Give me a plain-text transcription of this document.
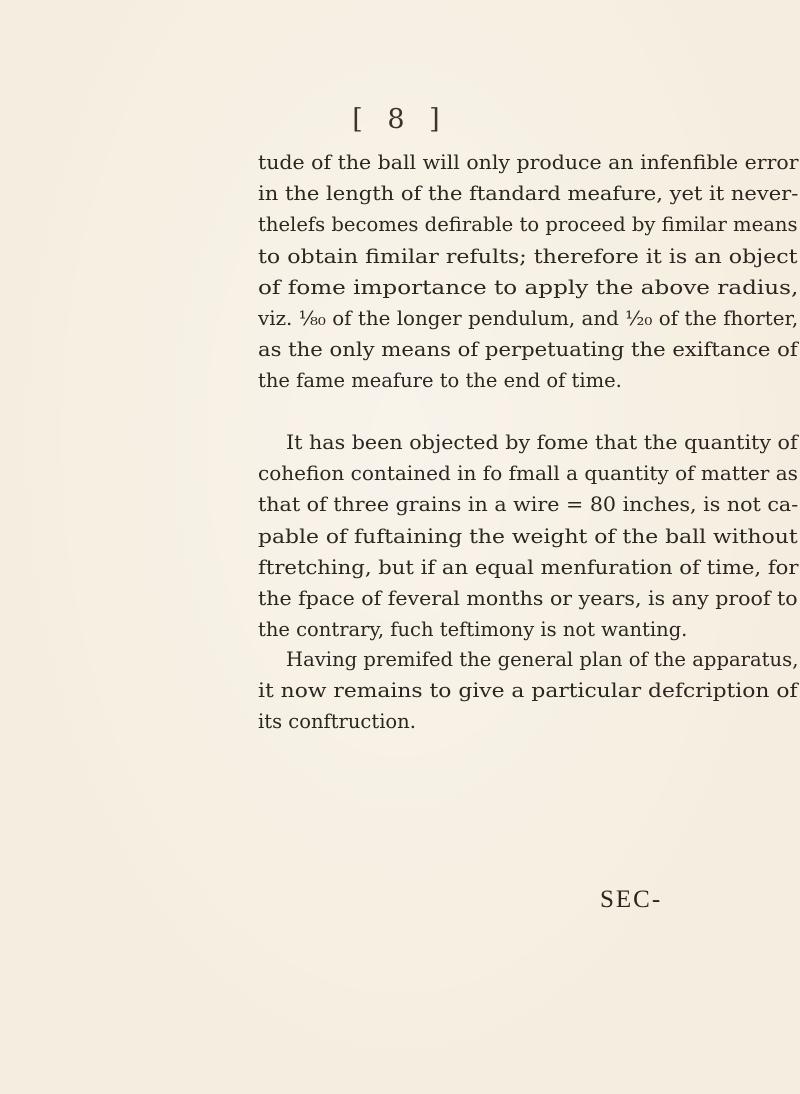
[ 8 ]
tude of the ball will only produce an infenfible error
in the length of the ftandard meafure, yet it never-
thelefs becomes defirable to proceed by fimilar means
to obtain fimilar refults; therefore it is an object
of fome importance to apply the above radius,
viz. ¹⁄₈₀ of the longer pendulum, and ¹⁄₂₀ of the fhorter,
as the only means of perpetuating the exiftance of
the fame meafure to the end of time.
It has been objected by fome that the quantity of
cohefion contained in fo fmall a quantity of matter as
that of three grains in a wire = 80 inches, is not ca-
pable of fuftaining the weight of the ball without
ftretching, but if an equal menfuration of time, for
the fpace of feveral months or years, is any proof to
the contrary, fuch teftimony is not wanting.
Having premifed the general plan of the apparatus,
it now remains to give a particular defcription of
its conftruction.
SEC-
